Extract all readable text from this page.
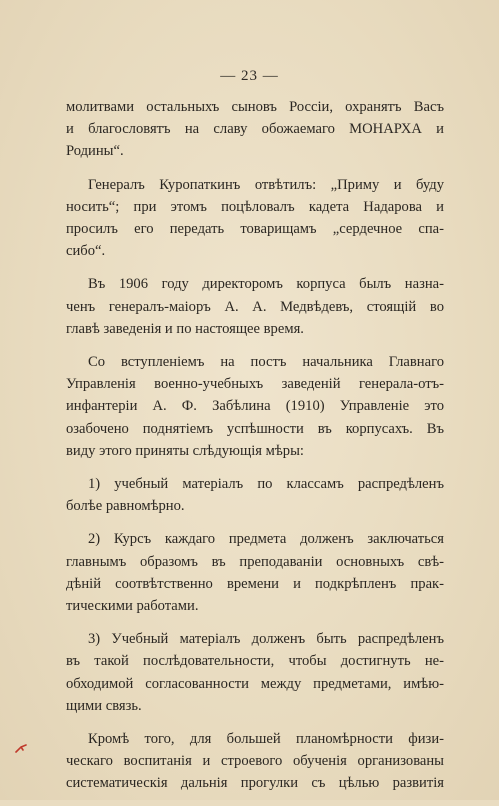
— 23 —

молитвами остальныхъ сыновъ Россіи, охранятъ Васъ
и благословятъ на славу обожаемаго МОНАРХА и
Родины“.

Генералъ Куропаткинъ отвѣтилъ: „Приму и буду
носить“; при этомъ поцѣловалъ кадета Надарова и
просилъ его передать товарищамъ „сердечное спа-
сибо“.

Въ 1906 году директоромъ корпуса былъ назна-
ченъ генералъ-маіоръ А. А. Медвѣдевъ, стоящій во
главѣ заведенія и по настоящее время.

Со вступленіемъ на постъ начальника Главнаго
Управленія военно-учебныхъ заведеній генерала-отъ-
инфантеріи А. Ф. Забѣлина (1910) Управленіе это
озабочено поднятіемъ успѣшности въ корпусахъ. Въ
виду этого приняты слѣдующія мѣры:

1) учебный матеріалъ по классамъ распредѣленъ
болѣе равномѣрно.

2) Курсъ каждаго предмета долженъ заключаться
главнымъ образомъ въ преподаваніи основныхъ свѣ-
дѣній соотвѣтственно времени и подкрѣпленъ прак-
тическими работами.

3) Учебный матеріалъ долженъ быть распредѣленъ
въ такой послѣдовательности, чтобы достигнуть не-
обходимой согласованности между предметами, имѣю-
щими связь.

Кромѣ того, для большей планомѣрности физи-
ческаго воспитанія и строевого обученія организованы
систематическія дальнія прогулки съ цѣлью развитія
